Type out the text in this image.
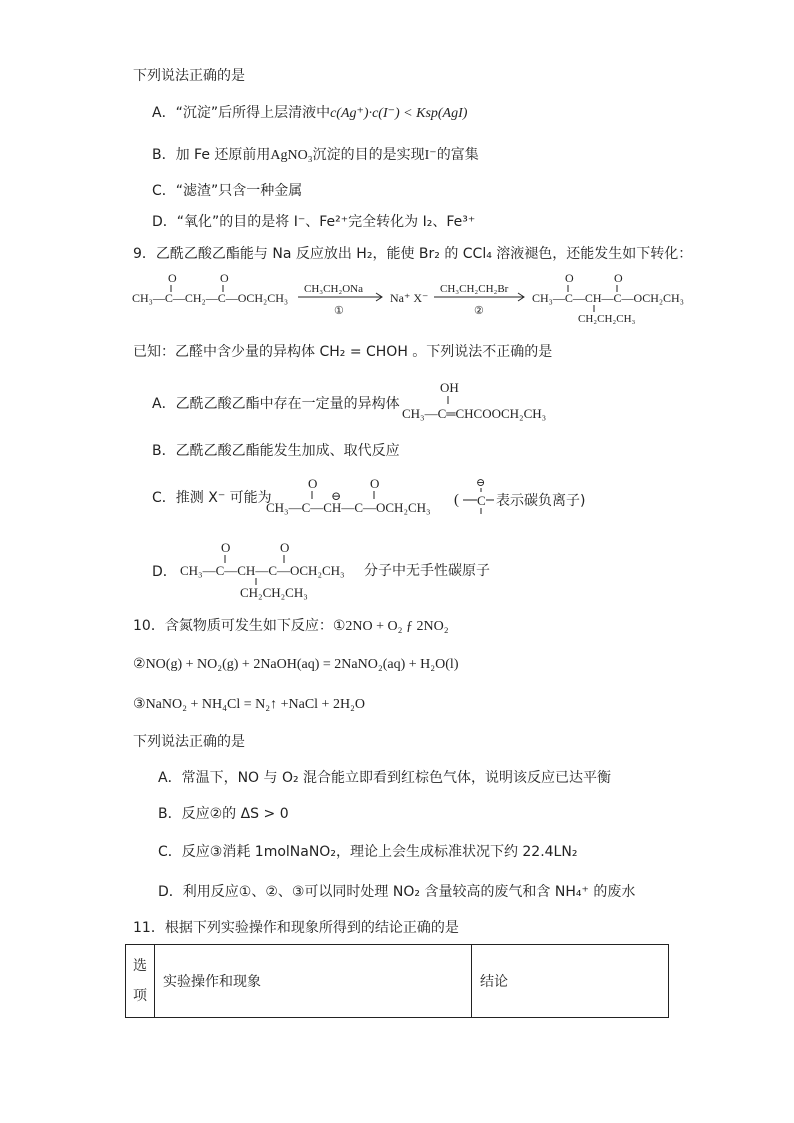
下列说法正确的是
A．“沉淀”后所得上层清液中c(Ag⁺)·c(I⁻) < Ksp(AgI)
B．加 Fe 还原前用AgNO₃沉淀的目的是实现I⁻的富集
C．“滤渣”只含一种金属
D．“氧化”的目的是将 I⁻、Fe²⁺完全转化为 I₂、Fe³⁺
9．乙酰乙酸乙酯能与 Na 反应放出 H₂，能使 Br₂ 的 CCl₄ 溶液褪色，还能发生如下转化：
O	O
CH₃—C—CH₂—C—OCH₂CH₃
CH₃CH₂ONa
①
Na⁺ X⁻
CH₃CH₂CH₂Br
②
O	O
CH₃—C—CH—C—OCH₂CH₃
CH₂CH₂CH₃
已知：乙醛中含少量的异构体 CH₂ = CHOH 。下列说法不正确的是
A．乙酰乙酸乙酯中存在一定量的异构体
OH
CH₃—C═CHCOOCH₂CH₃
B．乙酰乙酸乙酯能发生加成、取代反应
C．推测 X⁻ 可能为
O
⊖
O
CH₃—C—CH—C—OCH₂CH₃ ( C
⊖
表示碳负离子)
D．
O	O
CH₃—C—CH—C—OCH₂CH₃
CH₂CH₂CH₃
分子中无手性碳原子
10．含氮物质可发生如下反应：①2NO + O₂ ƒ 2NO₂
②NO(g) + NO₂(g) + 2NaOH(aq) = 2NaNO₂(aq) + H₂O(l)
③NaNO₂ + NH₄Cl = N₂↑ +NaCl + 2H₂O
下列说法正确的是
A．常温下，NO 与 O₂ 混合能立即看到红棕色气体，说明该反应已达平衡
B．反应②的 ΔS > 0
C．反应③消耗 1molNaNO₂，理论上会生成标准状况下约 22.4LN₂
D．利用反应①、②、③可以同时处理 NO₂ 含量较高的废气和含 NH₄⁺ 的废水
11．根据下列实验操作和现象所得到的结论正确的是
选
项
	实验操作和现象	结论
